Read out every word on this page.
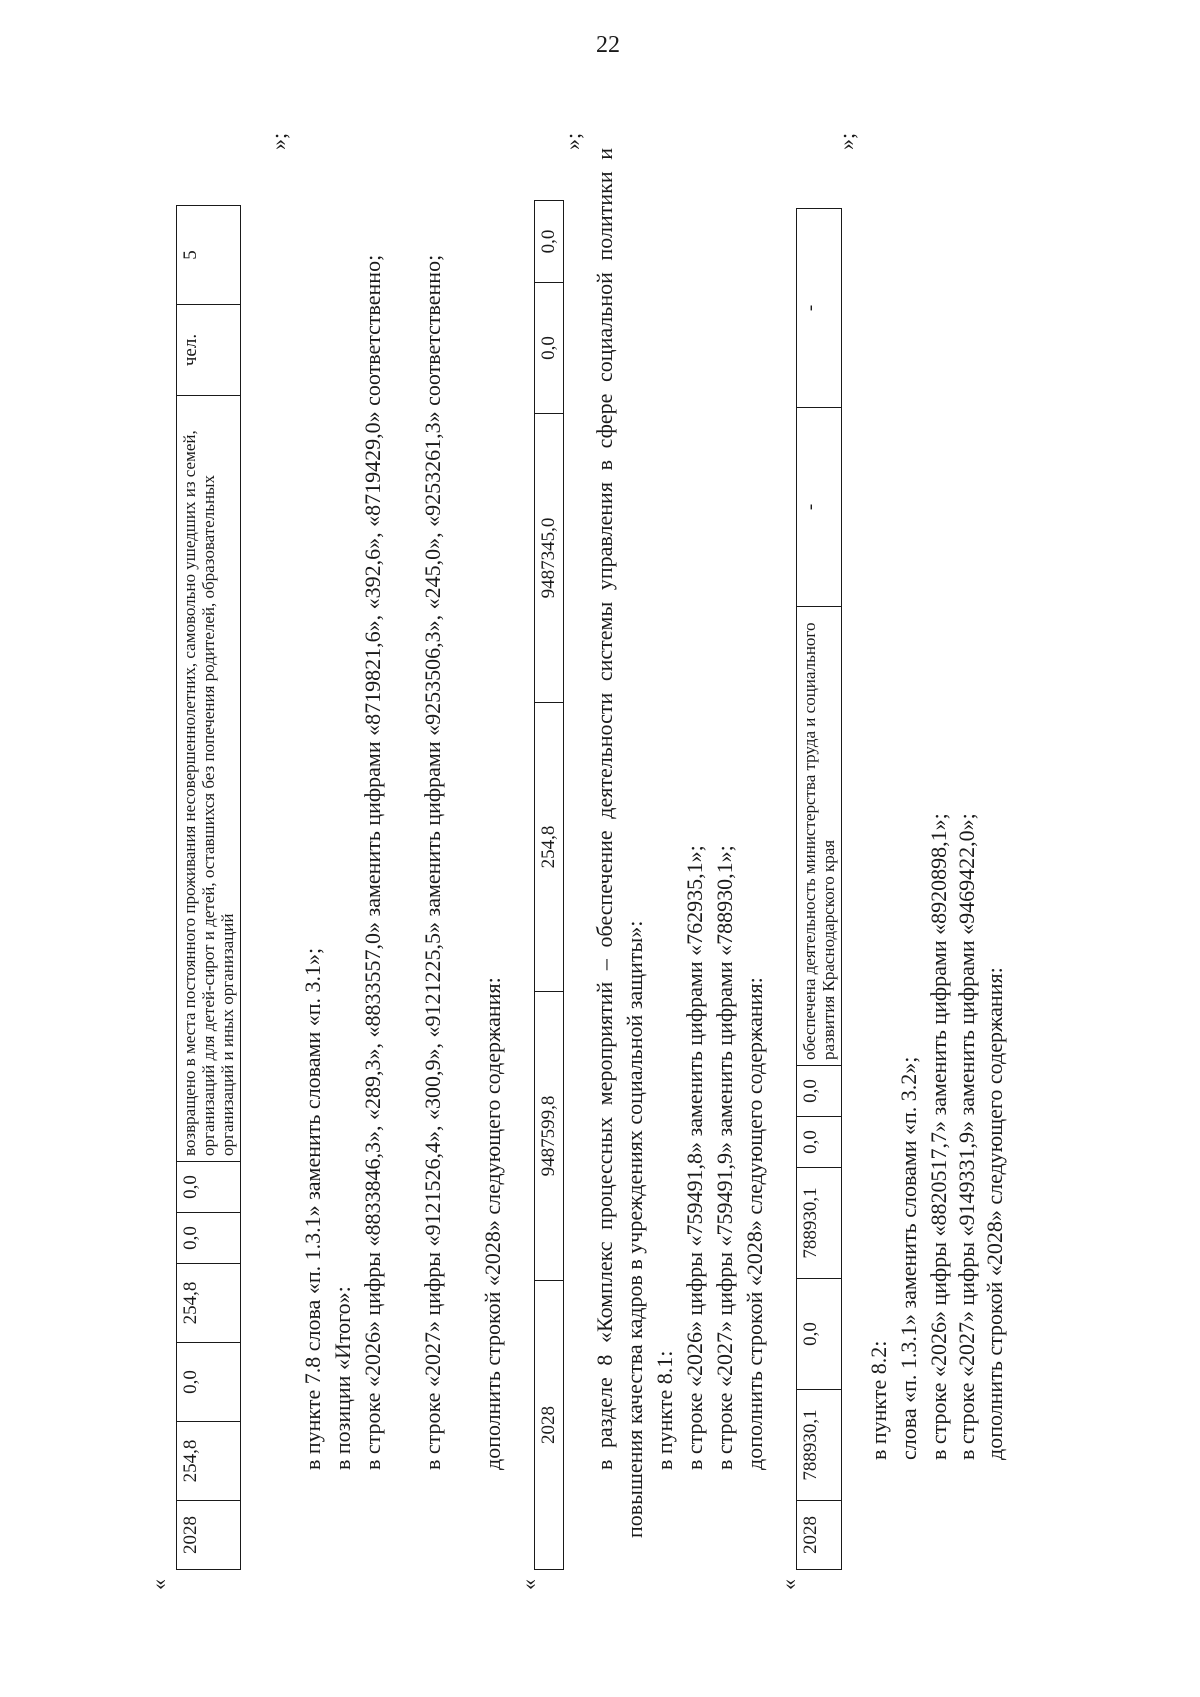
22
«
2028	254,8	0,0	254,8	0,0	0,0	возвращено в места постоянного проживания несовершеннолетних, самовольно ушедших из семей, организаций для детей-сирот и детей, оставшихся без попечения родителей, образовательных организаций и иных организаций	чел.	5
»;
в пункте 7.8 слова «п. 1.3.1» заменить словами «п. 3.1»; в позиции «Итого»: в строке «2026» цифры «8833846,3», «289,3», «8833557,0» заменить цифрами «8719821,6», «392,6», «8719429,0» соответственно; в строке «2027» цифры «9121526,4», «300,9», «9121225,5» заменить цифрами «9253506,3», «245,0», «9253261,3» соответственно; дополнить строкой «2028» следующего содержания:
«
2028	9487599,8	254,8	9487345,0	0,0	0,0
»;
в разделе 8 «Комплекс процессных мероприятий – обеспечение деятельности системы управления в сфере социальной политики и повышения качества кадров в учреждениях социальной защиты»: в пункте 8.1: в строке «2026» цифры «759491,8» заменить цифрами «762935,1»; в строке «2027» цифры «759491,9» заменить цифрами «788930,1»; дополнить строкой «2028» следующего содержания:
«
2028	788930,1	0,0	788930,1	0,0	0,0	обеспечена деятельность министерства труда и социального развития Краснодарского края	-	-
»;
в пункте 8.2: слова «п. 1.3.1» заменить словами «п. 3.2»; в строке «2026» цифры «8820517,7» заменить цифрами «8920898,1»; в строке «2027» цифры «9149331,9» заменить цифрами «9469422,0»; дополнить строкой «2028» следующего содержания:
